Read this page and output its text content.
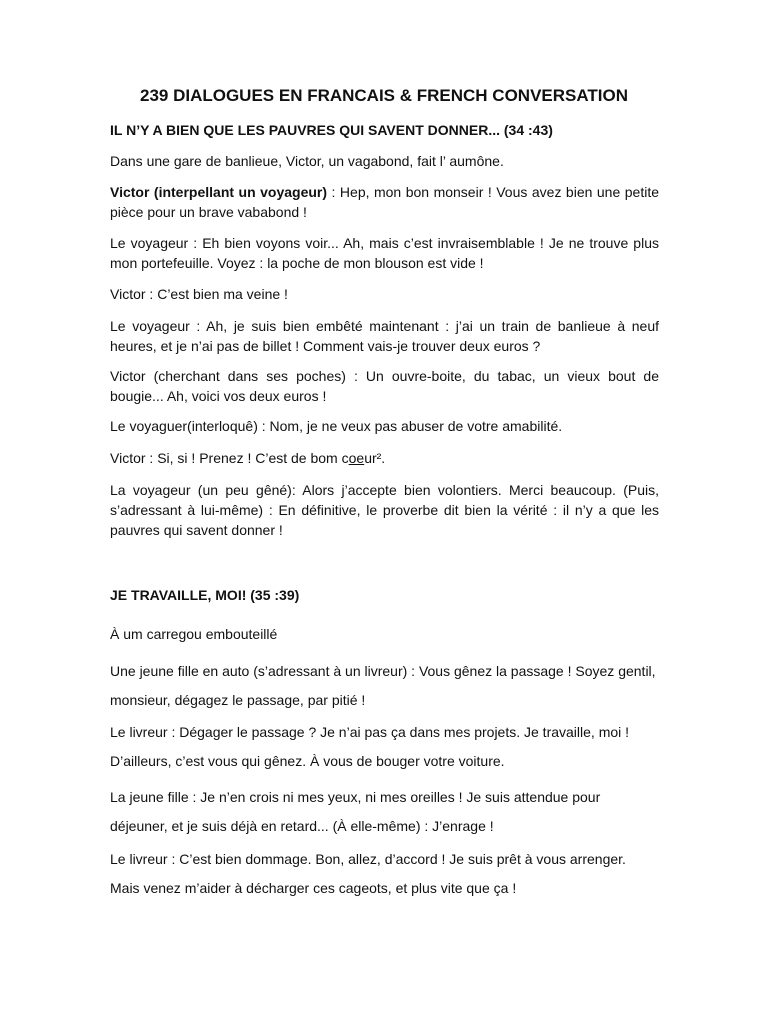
239 DIALOGUES EN FRANCAIS & FRENCH CONVERSATION
IL N’Y A BIEN QUE LES PAUVRES QUI SAVENT DONNER... (34 :43)

Dans une gare de banlieue, Victor, un vagabond, fait l’ aumône.

Victor (interpellant un voyageur) : Hep, mon bon monseir ! Vous avez bien une petite pièce pour un brave vababond !

Le voyageur : Eh bien voyons voir... Ah, mais c’est invraisemblable ! Je ne trouve plus mon portefeuille. Voyez : la poche de mon blouson est vide !

Victor : C’est bien ma veine !

Le voyageur : Ah, je suis bien embêté maintenant : j’ai un train de banlieue à neuf heures, et je n’ai pas de billet ! Comment vais-je trouver deux euros ?

Victor (cherchant dans ses poches) : Un ouvre-boite, du tabac, un vieux bout de bougie... Ah, voici vos deux euros !

Le voyaguer(interloquê) : Nom, je ne veux pas abuser de votre amabilité.

Victor : Si, si ! Prenez ! C’est de bom coeur².

La voyageur (un peu gêné): Alors j’accepte bien volontiers. Merci beaucoup. (Puis, s’adressant à lui-même) : En définitive, le proverbe dit bien la vérité : il n’y a que les pauvres qui savent donner !

JE TRAVAILLE, MOI! (35 :39)

À um carregou embouteillé

Une jeune fille en auto (s’adressant à un livreur) : Vous gênez la passage ! Soyez gentil, monsieur, dégagez le passage, par pitié !

Le livreur : Dégager le passage ? Je n’ai pas ça dans mes projets. Je travaille, moi ! D’ailleurs, c’est vous qui gênez. À vous de bouger votre voiture.

La jeune fille : Je n’en crois ni mes yeux, ni mes oreilles ! Je suis attendue pour déjeuner, et je suis déjà en retard... (À elle-même) : J’enrage !

Le livreur : C’est bien dommage. Bon, allez, d’accord ! Je suis prêt à vous arrenger. Mais venez m’aider à décharger ces cageots, et plus vite que ça !
